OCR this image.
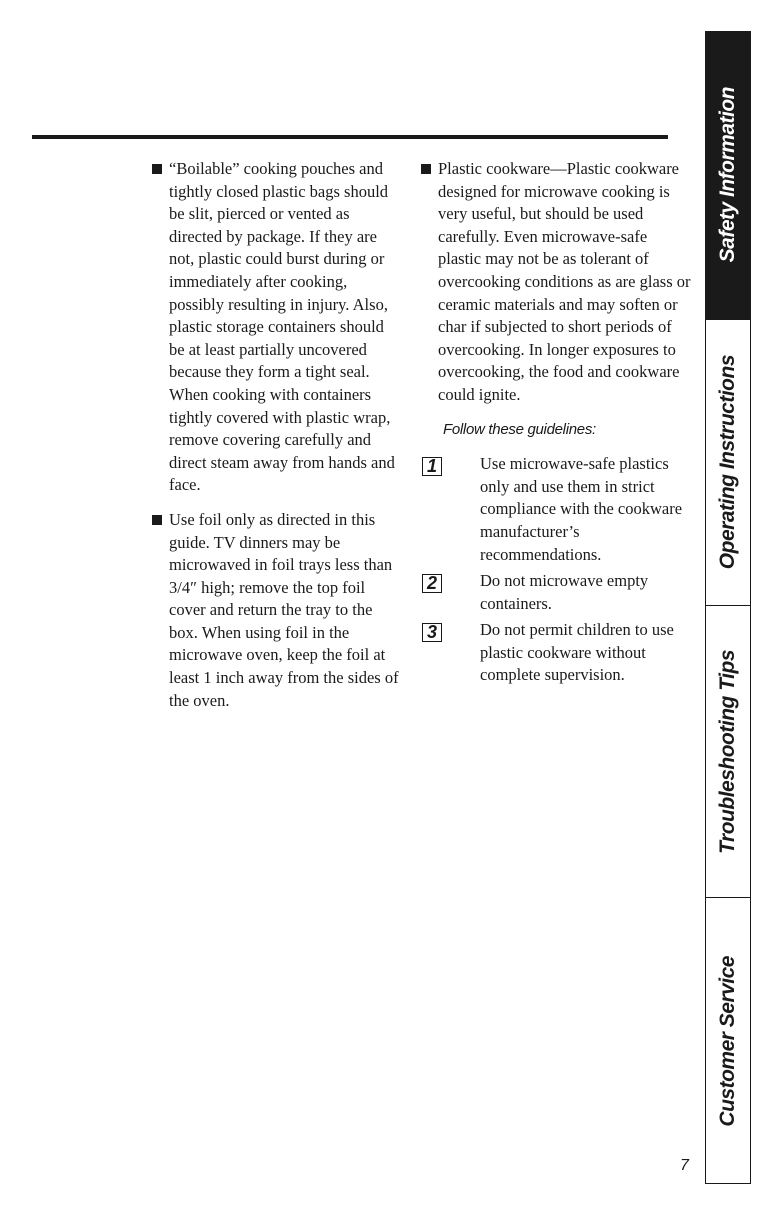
“Boilable” cooking pouches and tightly closed plastic bags should be slit, pierced or vented as directed by package. If they are not, plastic could burst during or immediately after cooking, possibly resulting in injury. Also, plastic storage containers should be at least partially uncovered because they form a tight seal. When cooking with containers tightly covered with plastic wrap, remove covering carefully and direct steam away from hands and face.
Use foil only as directed in this guide. TV dinners may be microwaved in foil trays less than 3/4″ high; remove the top foil cover and return the tray to the box. When using foil in the microwave oven, keep the foil at least 1 inch away from the sides of the oven.
Plastic cookware—Plastic cookware designed for microwave cooking is very useful, but should be used carefully. Even microwave-safe plastic may not be as tolerant of overcooking conditions as are glass or ceramic materials and may soften or char if subjected to short periods of overcooking. In longer exposures to overcooking, the food and cookware could ignite.
Follow these guidelines:
1	Use microwave-safe plastics only and use them in strict compliance with the cookware manufacturer’s recommendations.
2	Do not microwave empty containers.
3	Do not permit children to use plastic cookware without complete supervision.
Safety Information
Operating Instructions
Troubleshooting Tips
Customer Service
7
